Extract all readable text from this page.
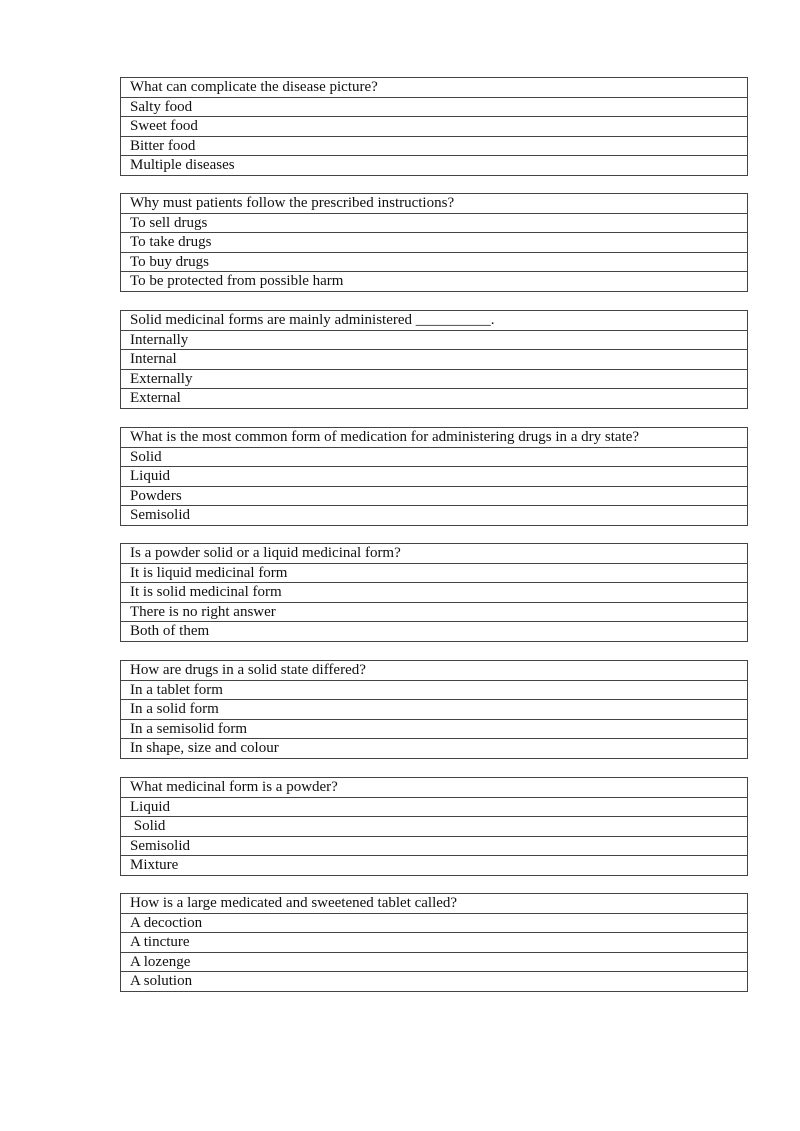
What can complicate the disease picture?
Salty food
Sweet food
Bitter food
Multiple diseases
Why must patients follow the prescribed instructions?
To sell drugs
To take drugs
To buy drugs
To be protected from possible harm
Solid medicinal forms are mainly administered __________.
Internally
Internal
Externally
External
What is the most common form of medication for administering drugs in a dry state?
Solid
Liquid
Powders
Semisolid
Is a powder solid or a liquid medicinal form?
It is liquid medicinal form
It is solid medicinal form
There is no right answer
Both of them
How are drugs in a solid state differed?
In a tablet form
In a solid form
In a semisolid form
In shape, size and colour
What medicinal form is a powder?
Liquid
Solid
Semisolid
Mixture
How is a large medicated and sweetened tablet called?
A decoction
A tincture
A lozenge
A solution
